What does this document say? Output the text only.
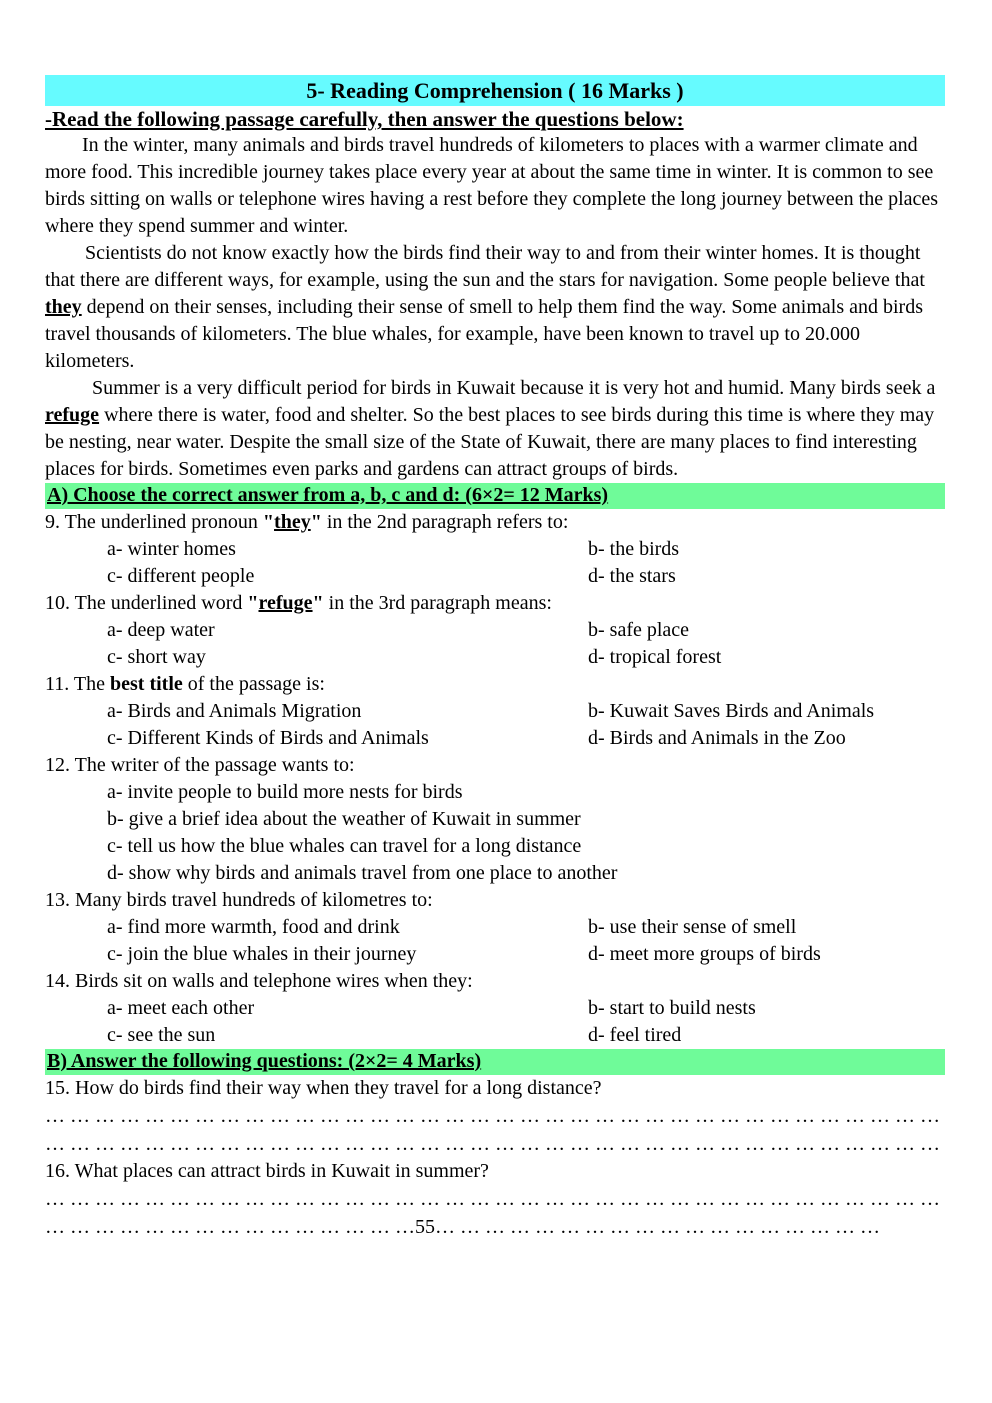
5- Reading Comprehension ( 16 Marks )
-Read the following passage carefully, then answer the questions below:

In the winter, many animals and birds travel hundreds of kilometers to places with a warmer climate and more food. This incredible journey takes place every year at about the same time in winter. It is common to see birds sitting on walls or telephone wires having a rest before they complete the long journey between the places where they spend summer and winter.

Scientists do not know exactly how the birds find their way to and from their winter homes. It is thought that there are different ways, for example, using the sun and the stars for navigation. Some people believe that they depend on their senses, including their sense of smell to help them find the way. Some animals and birds travel thousands of kilometers. The blue whales, for example, have been known to travel up to 20.000 kilometers.

Summer is a very difficult period for birds in Kuwait because it is very hot and humid. Many birds seek a refuge where there is water, food and shelter. So the best places to see birds during this time is where they may be nesting, near water. Despite the small size of the State of Kuwait, there are many places to find interesting places for birds. Sometimes even parks and gardens can attract groups of birds.

A) Choose the correct answer from a, b, c and d: (6×2= 12 Marks)
9. The underlined pronoun "they" in the 2nd paragraph refers to:
a- winter homes	b- the birds
c- different people	d- the stars
10. The underlined word "refuge" in the 3rd paragraph means:
a- deep water	b- safe place
c- short way	d- tropical forest
11. The best title of the passage is:
a- Birds and Animals Migration	b- Kuwait Saves Birds and Animals
c- Different Kinds of Birds and Animals	d- Birds and Animals in the Zoo
12. The writer of the passage wants to:
a- invite people to build more nests for birds
b- give a brief idea about the weather of Kuwait in summer
c- tell us how the blue whales can travel for a long distance
d- show why birds and animals travel from one place to another
13. Many birds travel hundreds of kilometres to:
a- find more warmth, food and drink	b- use their sense of smell
c- join the blue whales in their journey	d- meet more groups of birds
14. Birds sit on walls and telephone wires when they:
a- meet each other	b- start to build nests
c- see the sun	d- feel tired
B) Answer the following questions: (2×2= 4 Marks)
15. How do birds find their way when they travel for a long distance?
… … … … … … … … … … … … … … … … … … … … … … … … … … … … … … … … … … … …
… … … … … … … … … … … … … … … … … … … … … … … … … … … … … … … … … … … …
16. What places can attract birds in Kuwait in summer?
… … … … … … … … … … … … … … … … … … … … … … … … … … … … … … … … … … … …
… … … … … … … … … … … … … … … 55 … … … … … … … … … … … … … … … … … …
